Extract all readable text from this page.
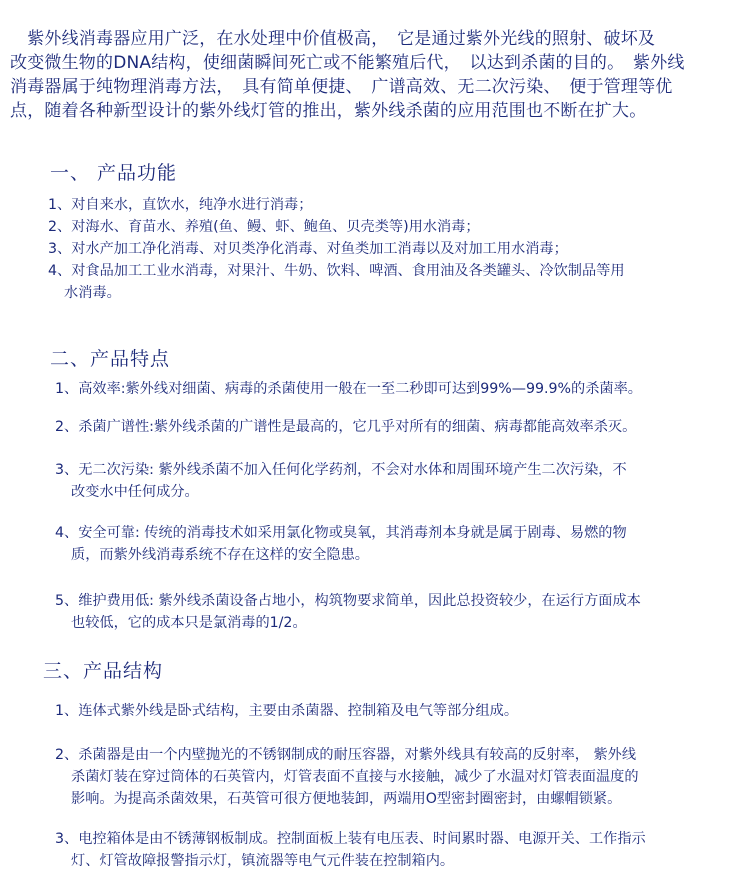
　紫外线消毒器应用广泛，在水处理中价值极高，　它是通过紫外光线的照射、破坏及

改变微生物的DNA结构，使细菌瞬间死亡或不能繁殖后代，　以达到杀菌的目的。　紫外线

消毒器属于纯物理消毒方法，　具有简单便捷、　广谱高效、无二次污染、　便于管理等优

点，随着各种新型设计的紫外线灯管的推出，紫外线杀菌的应用范围也不断在扩大。

一、 产品功能

1、对自来水，直饮水，纯净水进行消毒；

2、对海水、育苗水、养殖(鱼、鳗、虾、鲍鱼、贝壳类等)用水消毒；

3、对水产加工净化消毒、对贝类净化消毒、对鱼类加工消毒以及对加工用水消毒；

4、对食品加工工业水消毒，对果汁、牛奶、饮料、啤酒、食用油及各类罐头、冷饮制品等用

水消毒。

二、产品特点

1、高效率:紫外线对细菌、病毒的杀菌使用一般在一至二秒即可达到99%—99.9%的杀菌率。

2、杀菌广谱性:紫外线杀菌的广谱性是最高的，它几乎对所有的细菌、病毒都能高效率杀灭。

3、无二次污染: 紫外线杀菌不加入任何化学药剂，不会对水体和周围环境产生二次污染，不

改变水中任何成分。

4、安全可靠: 传统的消毒技术如采用氯化物或臭氧，其消毒剂本身就是属于剧毒、易燃的物

质，而紫外线消毒系统不存在这样的安全隐患。

5、维护费用低: 紫外线杀菌设备占地小，构筑物要求简单，因此总投资较少，在运行方面成本

也较低，它的成本只是氯消毒的1/2。

三、产品结构

1、连体式紫外线是卧式结构，主要由杀菌器、控制箱及电气等部分组成。

2、杀菌器是由一个内壁抛光的不锈钢制成的耐压容器，对紫外线具有较高的反射率， 紫外线

杀菌灯装在穿过筒体的石英管内，灯管表面不直接与水接触，减少了水温对灯管表面温度的

影响。为提高杀菌效果，石英管可很方便地装卸，两端用O型密封圈密封，由螺帽锁紧。

3、电控箱体是由不锈薄钢板制成。控制面板上装有电压表、时间累时器、电源开关、工作指示

灯、灯管故障报警指示灯，镇流器等电气元件装在控制箱内。
